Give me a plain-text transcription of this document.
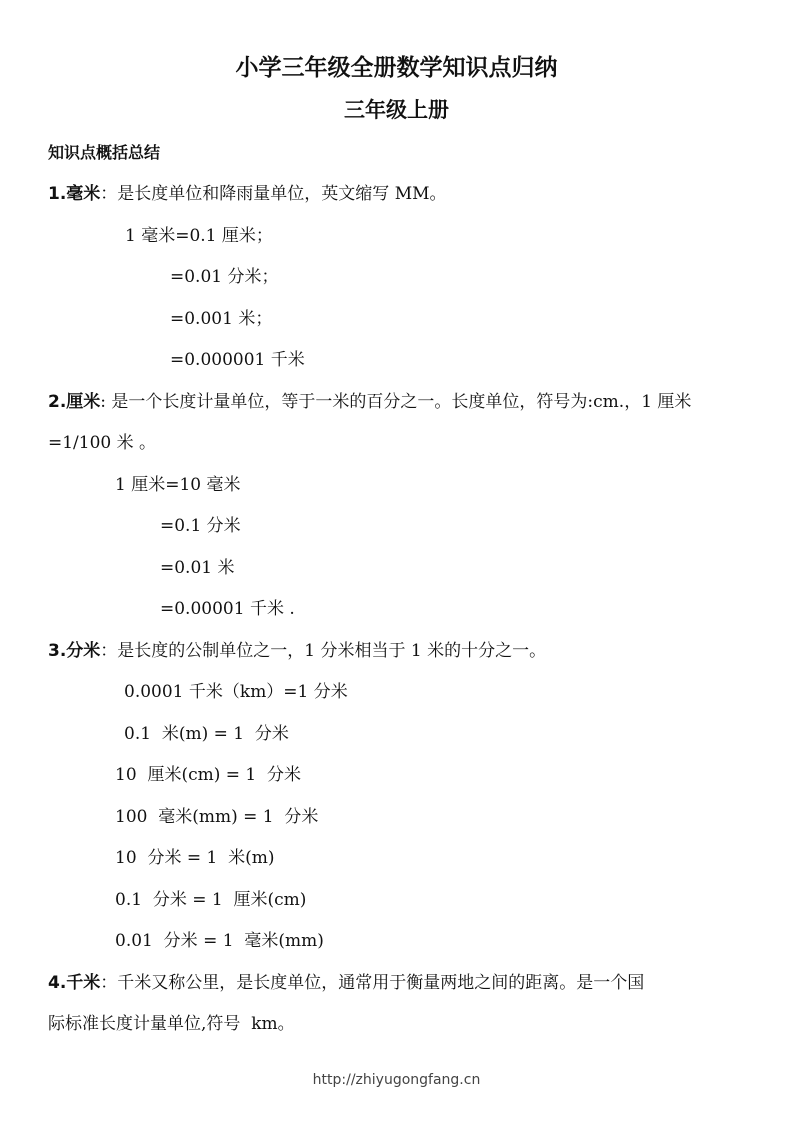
小学三年级全册数学知识点归纳
三年级上册
知识点概括总结
1.毫米：是长度单位和降雨量单位，英文缩写 MM。
1 毫米=0.1 厘米；
=0.01 分米；
=0.001 米；
=0.000001 千米
2.厘米: 是一个长度计量单位，等于一米的百分之一。长度单位，符号为:cm.，1 厘米
=1/100 米 。
1 厘米=10 毫米
=0.1 分米
=0.01 米
=0.00001 千米 .
3.分米：是长度的公制单位之一，1 分米相当于 1 米的十分之一。
0.0001 千米（km）=1 分米
0.1  米(m) = 1  分米
10  厘米(cm) = 1  分米
100  毫米(mm) = 1  分米
10  分米 = 1  米(m)
0.1  分米 = 1  厘米(cm)
0.01  分米 = 1  毫米(mm)
4.千米：千米又称公里，是长度单位，通常用于衡量两地之间的距离。是一个国
际标准长度计量单位,符号  km。
http://zhiyugongfang.cn
